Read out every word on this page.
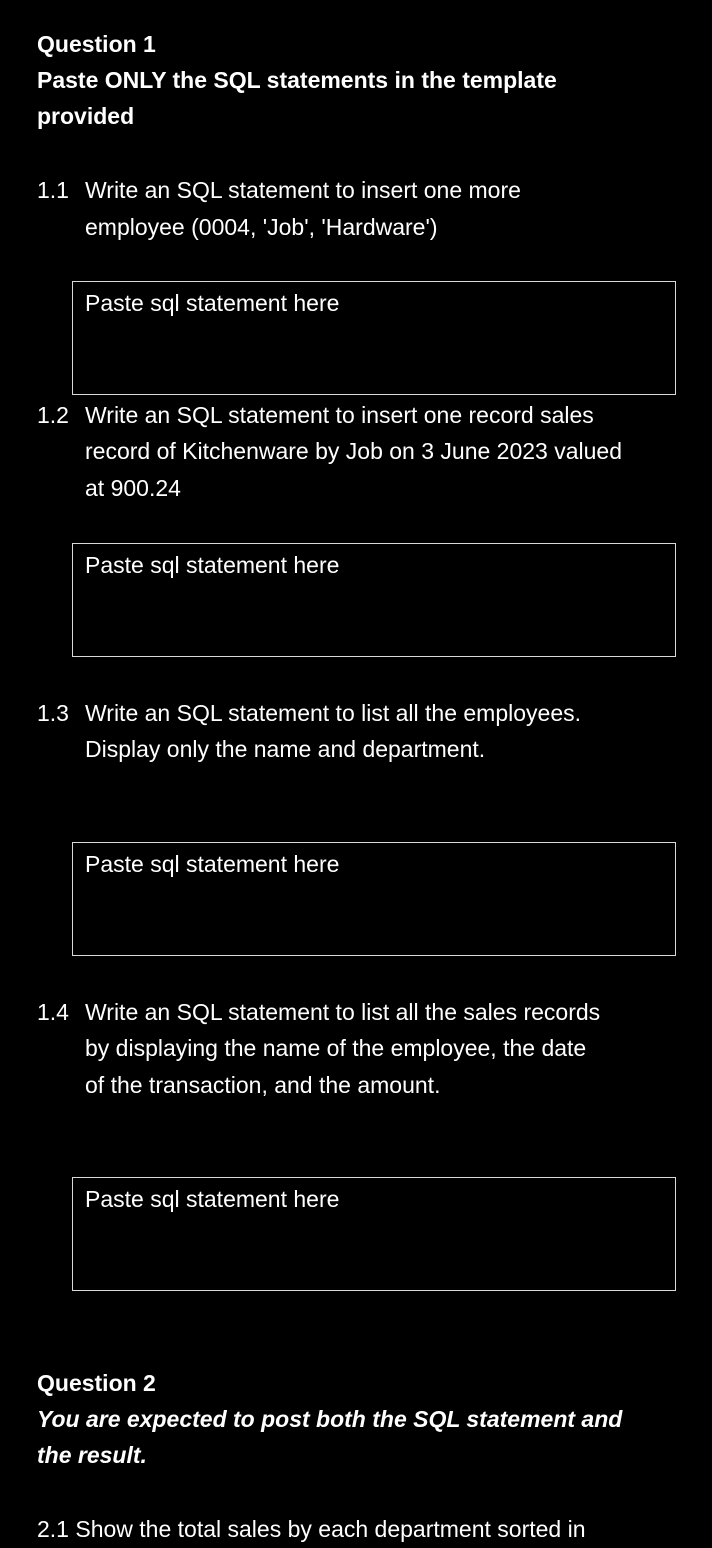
Question 1
Paste ONLY the SQL statements in the template
provided
1.1 Write an SQL statement to insert one more
employee (0004, 'Job', 'Hardware')
Paste sql statement here
1.2 Write an SQL statement to insert one record sales
record of Kitchenware by Job on 3 June 2023 valued
at 900.24
Paste sql statement here
1.3 Write an SQL statement to list all the employees.
Display only the name and department.
Paste sql statement here
1.4 Write an SQL statement to list all the sales records
by displaying the name of the employee, the date
of the transaction, and the amount.
Paste sql statement here
Question 2
You are expected to post both the SQL statement and
the result.
2.1 Show the total sales by each department sorted in
